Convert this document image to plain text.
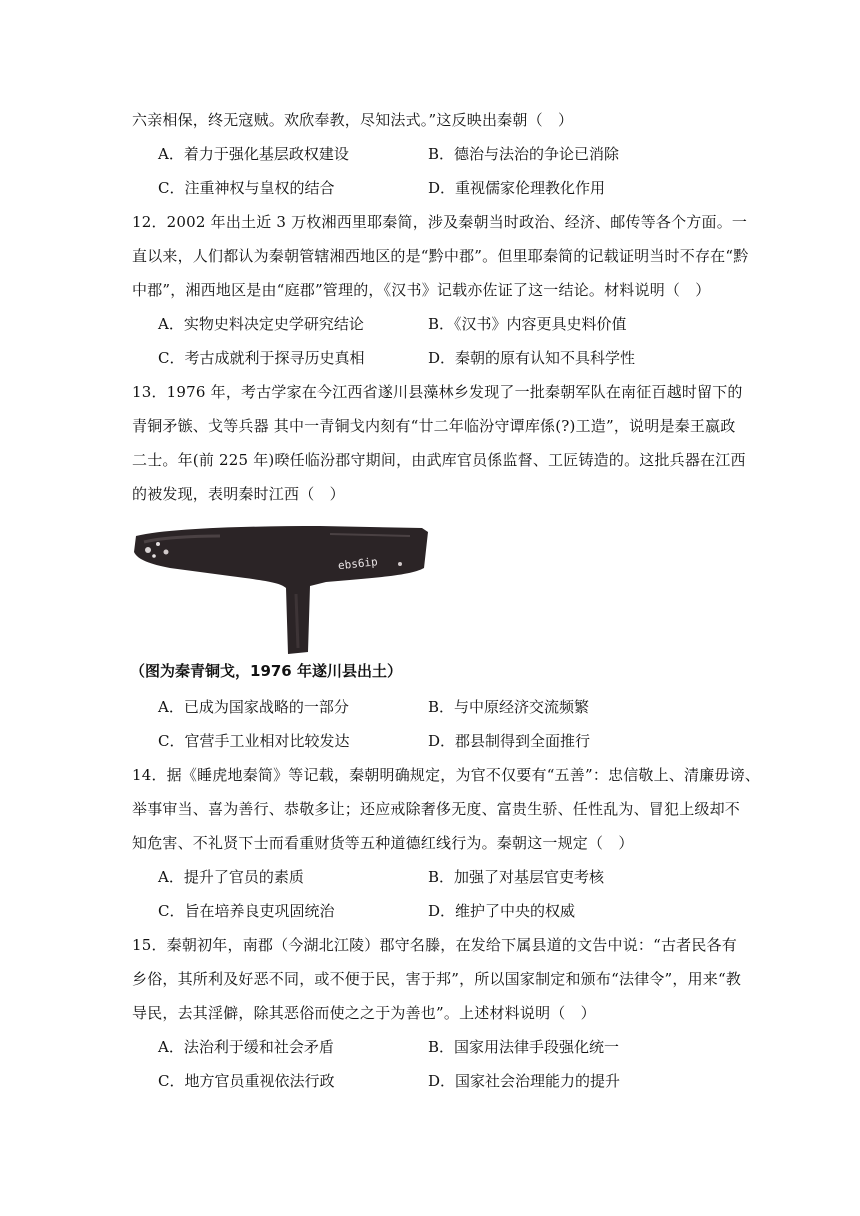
六亲相保，终无寇贼。欢欣奉教，尽知法式。”这反映出秦朝（　）
A．着力于强化基层政权建设	B．德治与法治的争论已消除
C．注重神权与皇权的结合	D．重视儒家伦理教化作用
12．2002 年出土近 3 万枚湘西里耶秦简，涉及秦朝当时政治、经济、邮传等各个方面。一
直以来，人们都认为秦朝管辖湘西地区的是“黔中郡”。但里耶秦简的记载证明当时不存在“黔
中郡”，湘西地区是由“庭郡”管理的，《汉书》记载亦佐证了这一结论。材料说明（　）
A．实物史料决定史学研究结论	B．《汉书》内容更具史料价值
C．考古成就利于探寻历史真相	D．秦朝的原有认知不具科学性
13．1976 年，考古学家在今江西省遂川县藻林乡发现了一批秦朝军队在南征百越时留下的
青铜矛镞、戈等兵器 其中一青铜戈内刻有“廿二年临汾守谭库係(?)工造”，说明是秦王嬴政
二士。年(前 225 年)暌任临汾郡守期间，由武库官员係监督、工匠铸造的。这批兵器在江西
的被发现，表明秦时江西（　）
ebs6ip
（图为秦青铜戈，1976 年遂川县出土）
A．已成为国家战略的一部分	B．与中原经济交流频繁
C．官营手工业相对比较发达	D．郡县制得到全面推行
14．据《睡虎地秦简》等记载，秦朝明确规定，为官不仅要有“五善”：忠信敬上、清廉毋谤、
举事审当、喜为善行、恭敬多让；还应戒除奢侈无度、富贵生骄、任性乱为、冒犯上级却不
知危害、不礼贤下士而看重财货等五种道德红线行为。秦朝这一规定（　）
A．提升了官员的素质	B．加强了对基层官吏考核
C．旨在培养良吏巩固统治	D．维护了中央的权威
15．秦朝初年，南郡（今湖北江陵）郡守名滕，在发给下属县道的文告中说：“古者民各有
乡俗，其所利及好恶不同，或不便于民，害于邦”，所以国家制定和颁布“法律令”，用来“教
导民，去其淫僻，除其恶俗而使之之于为善也”。上述材料说明（　）
A．法治利于缓和社会矛盾	B．国家用法律手段强化统一
C．地方官员重视依法行政	D．国家社会治理能力的提升
